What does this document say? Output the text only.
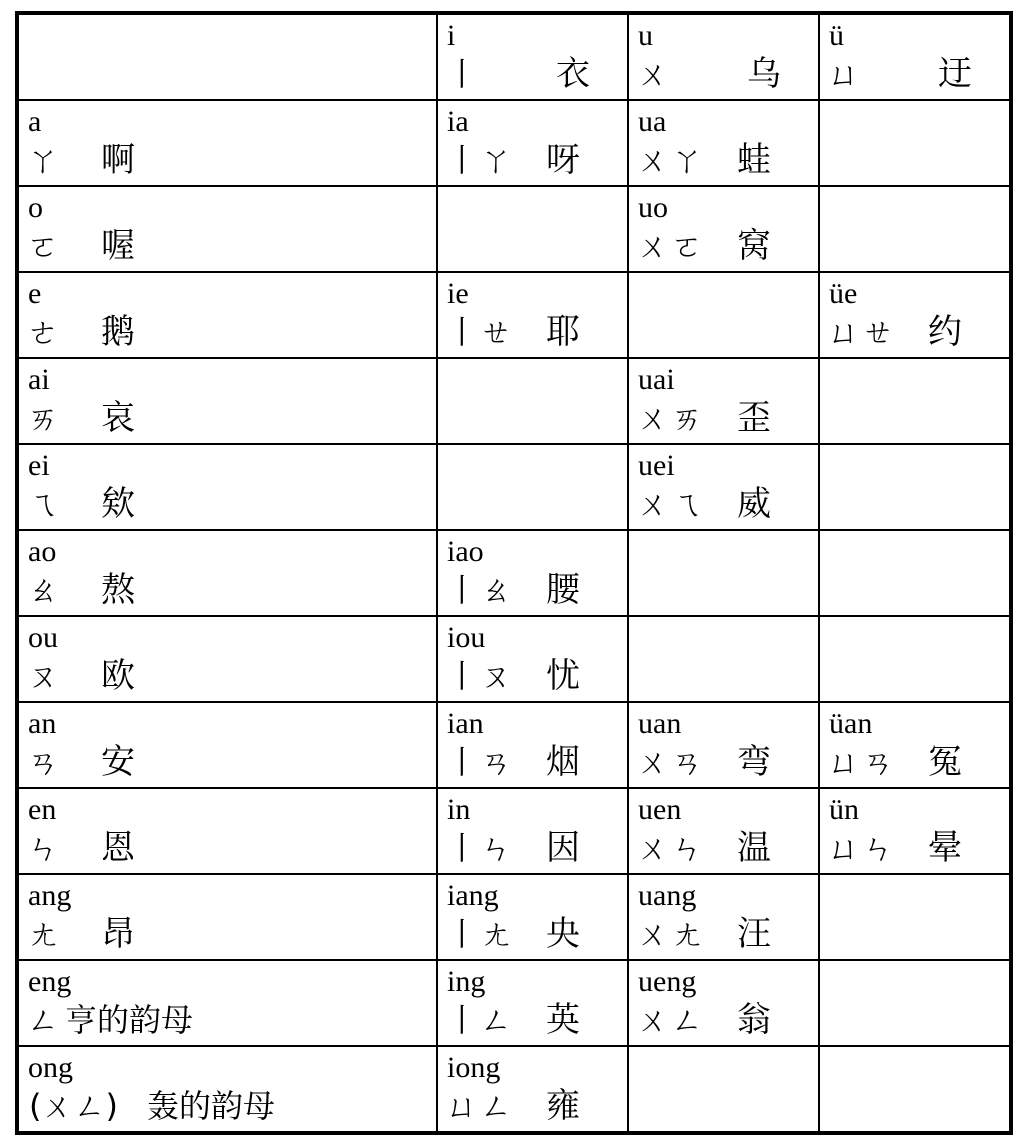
	i
丨 衣	u
ㄨ 乌	ü
ㄩ 迂

a
ㄚ 啊	ia
丨ㄚ 呀	ua
ㄨㄚ 蛙	

o
ㄛ 喔		uo
ㄨㄛ 窝	

e
ㄜ 鹅	ie
丨ㄝ 耶		üe
ㄩㄝ 约

ai
ㄞ 哀		uai
ㄨㄞ 歪	

ei
ㄟ 欸		uei
ㄨㄟ 威	

ao
ㄠ 熬	iao
丨ㄠ 腰		

ou
ㄡ 欧	iou
丨ㄡ 忧		

an
ㄢ 安	ian
丨ㄢ 烟	uan
ㄨㄢ 弯	üan
ㄩㄢ 冤

en
ㄣ 恩	in
丨ㄣ 因	uen
ㄨㄣ 温	ün
ㄩㄣ 晕

ang
ㄤ 昂	iang
丨ㄤ 央	uang
ㄨㄤ 汪	

eng
ㄥ 亨的韵母	ing
丨ㄥ 英	ueng
ㄨㄥ 翁	

ong
(ㄨㄥ) 轰的韵母	iong
ㄩㄥ 雍		
